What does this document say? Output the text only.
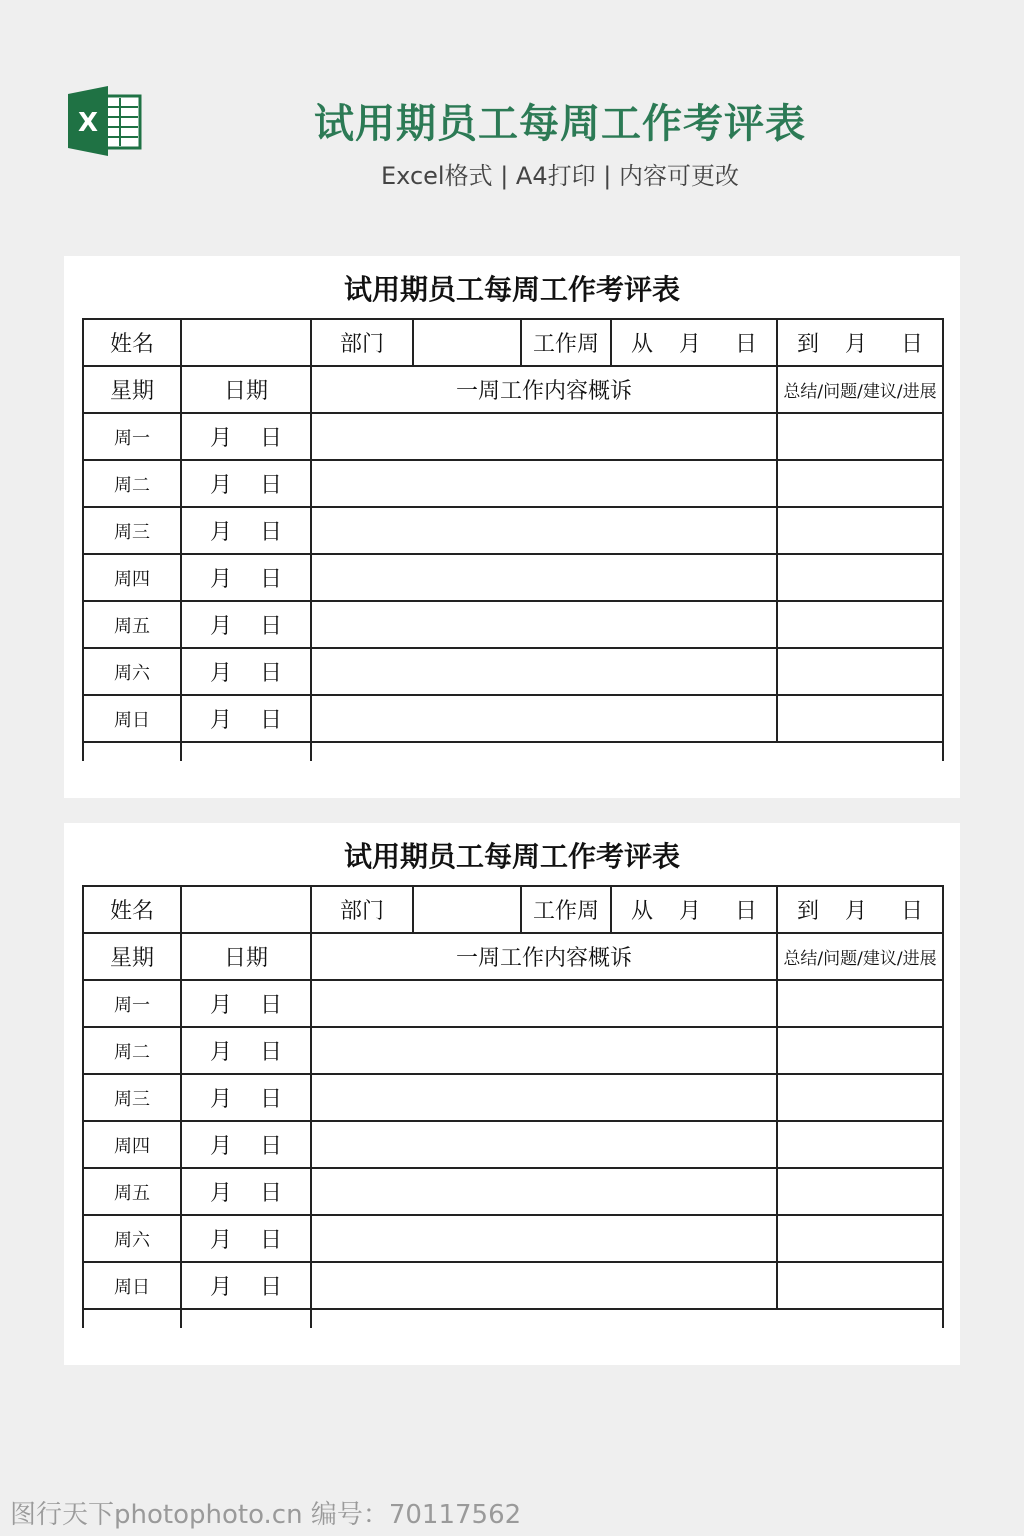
X	试用期员工每周工作考评表
Excel格式 | A4打印 | 内容可更改
试用期员工每周工作考评表
姓名		部门		工作周	从 月 日	到 月 日
星期	日期	一周工作内容概诉				总结/问题/建议/进展
周一	月 日					
周二	月 日					
周三	月 日					
周四	月 日					
周五	月 日					
周六	月 日					
周日	月 日					

试用期员工每周工作考评表
姓名		部门		工作周	从 月 日	到 月 日
星期	日期	一周工作内容概诉				总结/问题/建议/进展
周一	月 日					
周二	月 日					
周三	月 日					
周四	月 日					
周五	月 日					
周六	月 日					
周日	月 日					

图行天下photophoto.cn 编号：70117562
